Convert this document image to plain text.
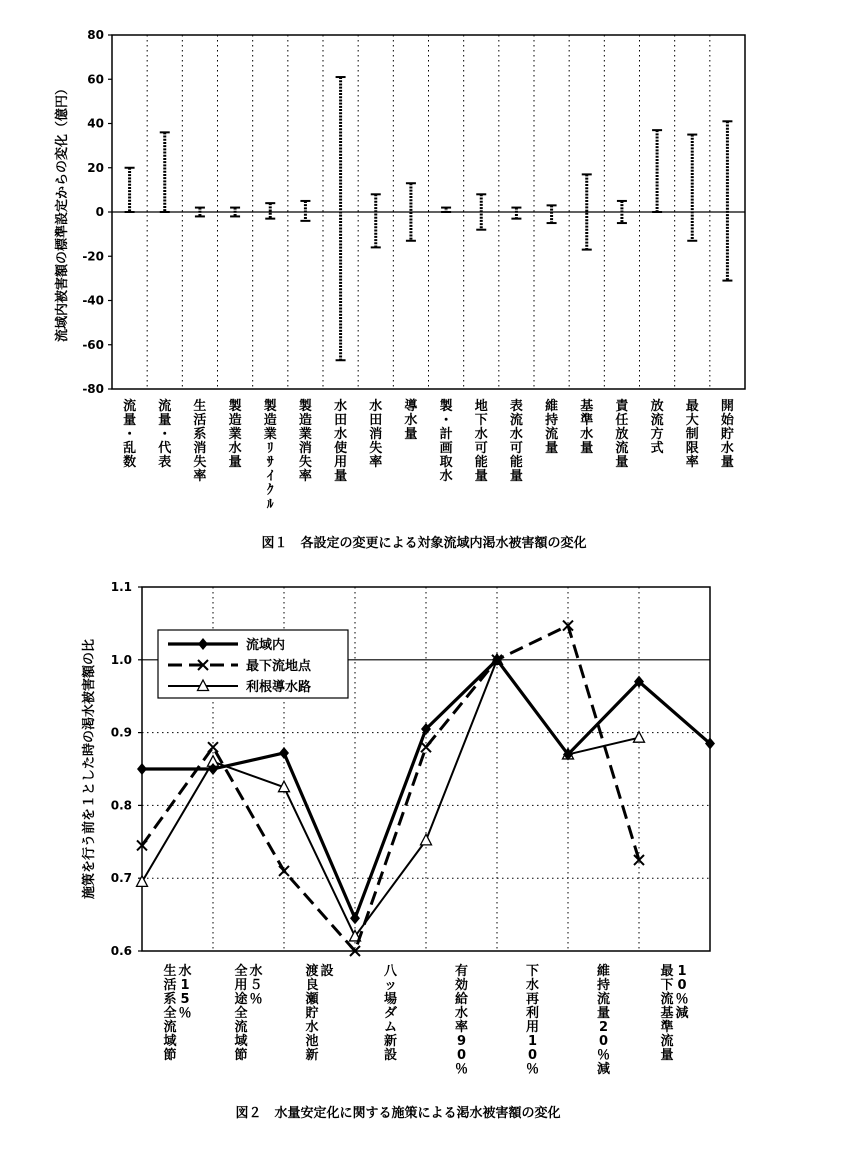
-80
-60
-40
-20
0
20
40
60
80
流量・乱数
流量・代表
生活系消失率
製造業水量
製造業ﾘｻｲｸﾙ
製造業消失率
水田水使用量
水田消失率
導水量
製・計画取水
地下水可能量
表流水可能量
維持流量
基準水量
責任放流量
放流方式
最大制限率
開始貯水量
流域内被害額の標準設定からの変化（億円）
図１　各設定の変更による対象流域内渇水被害額の変化
0.6
0.7
0.8
0.9
1.0
1.1
生活系全流域節
水 1 5 ％
全用途全流域節
水５％
渡良瀬貯水池新
設	八ッ場ダム新設
有効給水率 9 0 ％
下水再利用 1 0 ％
維持流量 2 0 ％減
最下流基準流量
1 0 ％減
流域内
最下流地点
利根導水路
施策を行う前を１とした時の渇水被害額の比
図２　水量安定化に関する施策による渇水被害額の変化
